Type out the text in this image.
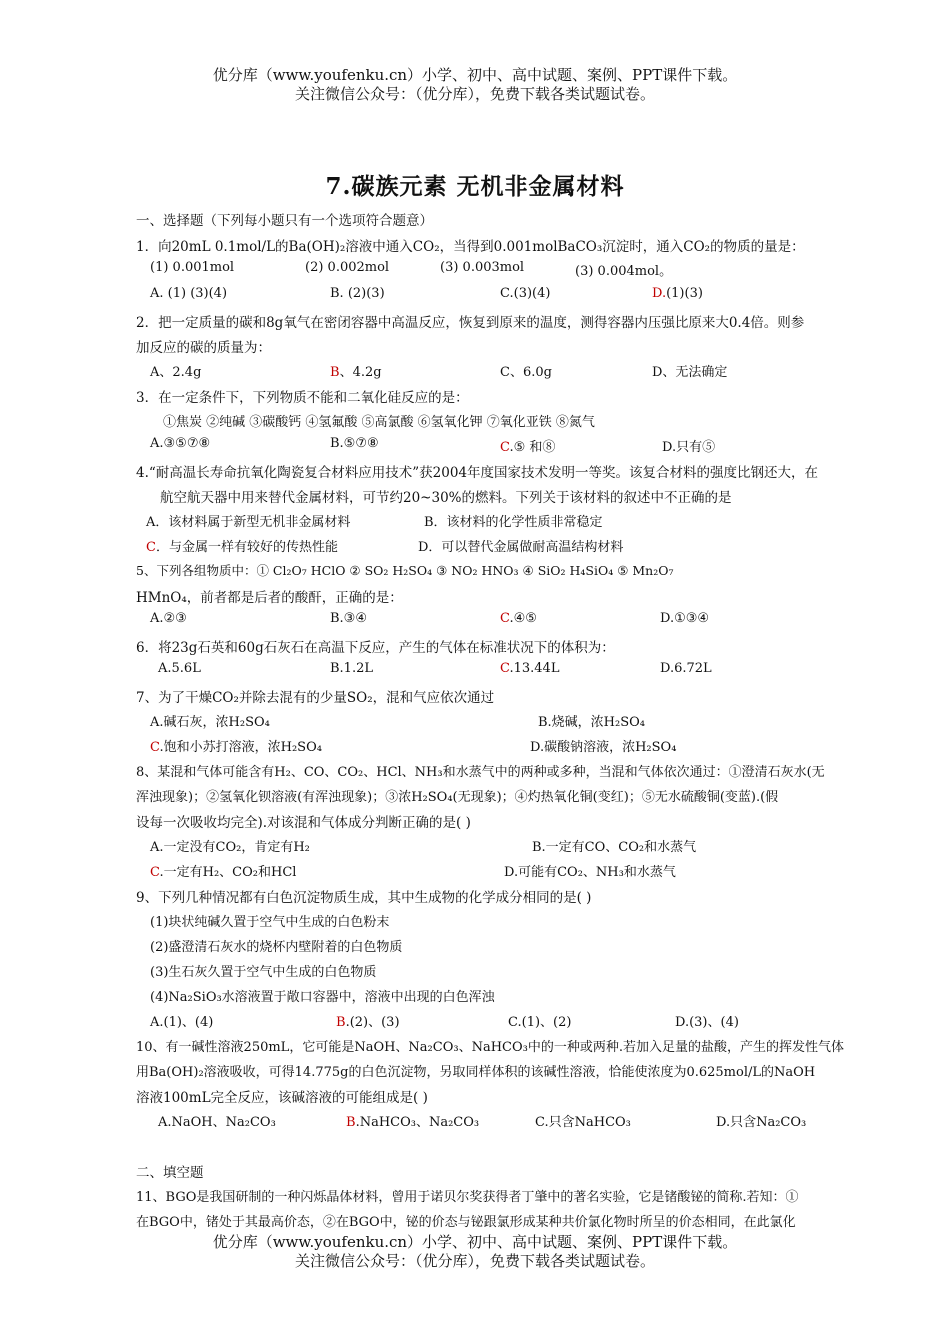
优分库（www.youfenku.cn）小学、初中、高中试题、案例、PPT课件下载。
关注微信公众号：（优分库），免费下载各类试题试卷。
7.碳族元素 无机非金属材料
一、选择题（下列每小题只有一个选项符合题意）
1．向20mL 0.1mol/L的Ba(OH)₂溶液中通入CO₂，当得到0.001molBaCO₃沉淀时，通入CO₂的物质的量是：
(1) 0.001mol	(2) 0.002mol	(3) 0.003mol	(3) 0.004mol。
A. (1) (3)(4)	B. (2)(3)	C.(3)(4)	D.(1)(3)
2．把一定质量的碳和8g氧气在密闭容器中高温反应，恢复到原来的温度，测得容器内压强比原来大0.4倍。则参
加反应的碳的质量为：
A、2.4g	B、4.2g	C、6.0g	D、无法确定
3．在一定条件下，下列物质不能和二氧化硅反应的是：
①焦炭 ②纯碱 ③碳酸钙 ④氢氟酸 ⑤高氯酸 ⑥氢氧化钾 ⑦氧化亚铁 ⑧氮气
A.③⑤⑦⑧	B.⑤⑦⑧	C.⑤ 和⑧	D.只有⑤
4.“耐高温长寿命抗氧化陶瓷复合材料应用技术”获2004年度国家技术发明一等奖。该复合材料的强度比钢还大，在
航空航天器中用来替代金属材料，可节约20~30%的燃料。下列关于该材料的叙述中不正确的是
A．该材料属于新型无机非金属材料	B．该材料的化学性质非常稳定
C．与金属一样有较好的传热性能	D．可以替代金属做耐高温结构材料
5、下列各组物质中：① Cl₂O₇ HClO ② SO₂ H₂SO₄ ③ NO₂ HNO₃ ④ SiO₂ H₄SiO₄ ⑤ Mn₂O₇
HMnO₄，前者都是后者的酸酐，正确的是：
A.②③	B.③④	C.④⑤	D.①③④
6．将23g石英和60g石灰石在高温下反应，产生的气体在标准状况下的体积为：
A.5.6L	B.1.2L	C.13.44L	D.6.72L
7、为了干燥CO₂并除去混有的少量SO₂，混和气应依次通过
A.碱石灰，浓H₂SO₄	B.烧碱，浓H₂SO₄
C.饱和小苏打溶液，浓H₂SO₄	D.碳酸钠溶液，浓H₂SO₄
8、某混和气体可能含有H₂、CO、CO₂、HCl、NH₃和水蒸气中的两种或多种，当混和气体依次通过：①澄清石灰水(无
浑浊现象)；②氢氧化钡溶液(有浑浊现象)；③浓H₂SO₄(无现象)；④灼热氧化铜(变红)；⑤无水硫酸铜(变蓝).(假
设每一次吸收均完全).对该混和气体成分判断正确的是( )
A.一定没有CO₂，肯定有H₂	B.一定有CO、CO₂和水蒸气
C.一定有H₂、CO₂和HCl	D.可能有CO₂、NH₃和水蒸气
9、下列几种情况都有白色沉淀物质生成，其中生成物的化学成分相同的是( )
(1)块状纯碱久置于空气中生成的白色粉末
(2)盛澄清石灰水的烧杯内壁附着的白色物质
(3)生石灰久置于空气中生成的白色物质
(4)Na₂SiO₃水溶液置于敞口容器中，溶液中出现的白色浑浊
A.(1)、(4)	B.(2)、(3)	C.(1)、(2)	D.(3)、(4)
10、有一碱性溶液250mL，它可能是NaOH、Na₂CO₃、NaHCO₃中的一种或两种.若加入足量的盐酸，产生的挥发性气体
用Ba(OH)₂溶液吸收，可得14.775g的白色沉淀物，另取同样体积的该碱性溶液，恰能使浓度为0.625mol/L的NaOH
溶液100mL完全反应，该碱溶液的可能组成是( )
A.NaOH、Na₂CO₃	B.NaHCO₃、Na₂CO₃	C.只含NaHCO₃	D.只含Na₂CO₃
二、填空题
11、BGO是我国研制的一种闪烁晶体材料，曾用于诺贝尔奖获得者丁肇中的著名实验，它是锗酸铋的简称.若知：①
在BGO中，锗处于其最高价态，②在BGO中，铋的价态与铋跟氯形成某种共价氯化物时所呈的价态相同，在此氯化
优分库（www.youfenku.cn）小学、初中、高中试题、案例、PPT课件下载。
关注微信公众号：（优分库），免费下载各类试题试卷。
